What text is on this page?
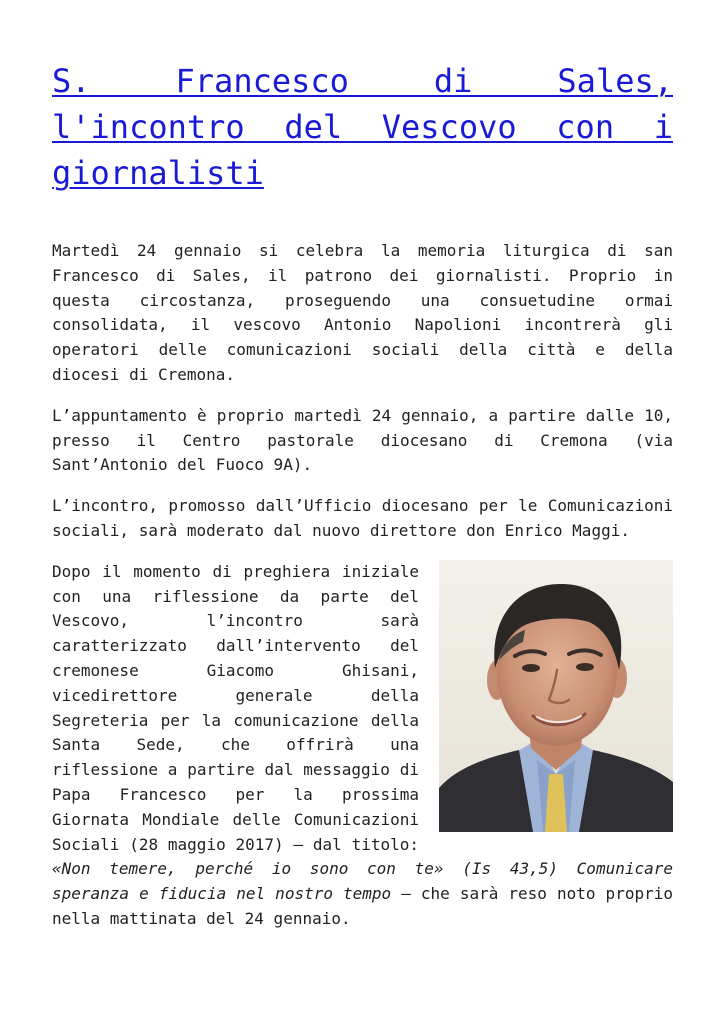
S. Francesco di Sales, l'incontro del Vescovo con i giornalisti

Martedì 24 gennaio si celebra la memoria liturgica di san Francesco di Sales, il patrono dei giornalisti. Proprio in questa circostanza, proseguendo una consuetudine ormai consolidata, il vescovo Antonio Napolioni incontrerà gli operatori delle comunicazioni sociali della città e della diocesi di Cremona.

L’appuntamento è proprio martedì 24 gennaio, a partire dalle 10, presso il Centro pastorale diocesano di Cremona (via Sant’Antonio del Fuoco 9A).

L’incontro, promosso dall’Ufficio diocesano per le Comunicazioni sociali, sarà moderato dal nuovo direttore don Enrico Maggi.

Dopo il momento di preghiera iniziale con una riflessione da parte del Vescovo, l’incontro sarà caratterizzato dall’intervento del cremonese Giacomo Ghisani, vicedirettore generale della Segreteria per la comunicazione della Santa Sede, che offrirà una riflessione a partire dal messaggio di Papa Francesco per la prossima Giornata Mondiale delle Comunicazioni Sociali (28 maggio 2017) – dal titolo: «Non temere, perché io sono con te» (Is 43,5) Comunicare speranza e fiducia nel nostro tempo – che sarà reso noto proprio nella mattinata del 24 gennaio.
